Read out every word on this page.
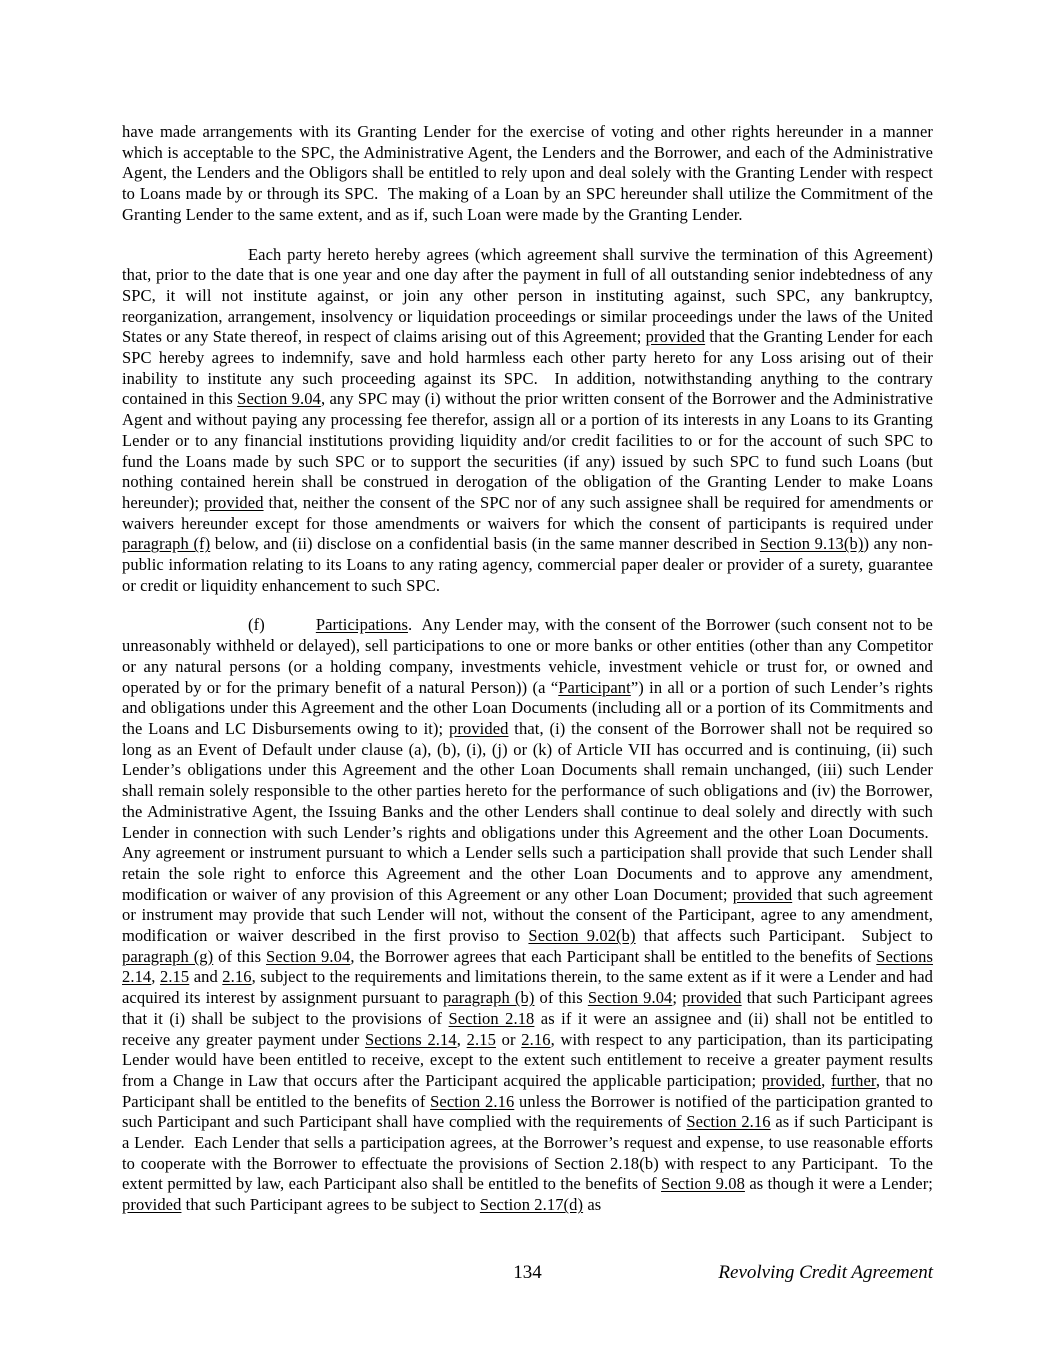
have made arrangements with its Granting Lender for the exercise of voting and other rights hereunder in a manner which is acceptable to the SPC, the Administrative Agent, the Lenders and the Borrower, and each of the Administrative Agent, the Lenders and the Obligors shall be entitled to rely upon and deal solely with the Granting Lender with respect to Loans made by or through its SPC.  The making of a Loan by an SPC hereunder shall utilize the Commitment of the Granting Lender to the same extent, and as if, such Loan were made by the Granting Lender.

Each party hereto hereby agrees (which agreement shall survive the termination of this Agreement) that, prior to the date that is one year and one day after the payment in full of all outstanding senior indebtedness of any SPC, it will not institute against, or join any other person in instituting against, such SPC, any bankruptcy, reorganization, arrangement, insolvency or liquidation proceedings or similar proceedings under the laws of the United States or any State thereof, in respect of claims arising out of this Agreement; provided that the Granting Lender for each SPC hereby agrees to indemnify, save and hold harmless each other party hereto for any Loss arising out of their inability to institute any such proceeding against its SPC.  In addition, notwithstanding anything to the contrary contained in this Section 9.04, any SPC may (i) without the prior written consent of the Borrower and the Administrative Agent and without paying any processing fee therefor, assign all or a portion of its interests in any Loans to its Granting Lender or to any financial institutions providing liquidity and/or credit facilities to or for the account of such SPC to fund the Loans made by such SPC or to support the securities (if any) issued by such SPC to fund such Loans (but nothing contained herein shall be construed in derogation of the obligation of the Granting Lender to make Loans hereunder); provided that, neither the consent of the SPC nor of any such assignee shall be required for amendments or waivers hereunder except for those amendments or waivers for which the consent of participants is required under paragraph (f) below, and (ii) disclose on a confidential basis (in the same manner described in Section 9.13(b)) any non-public information relating to its Loans to any rating agency, commercial paper dealer or provider of a surety, guarantee or credit or liquidity enhancement to such SPC.

(f)          Participations.  Any Lender may, with the consent of the Borrower (such consent not to be unreasonably withheld or delayed), sell participations to one or more banks or other entities (other than any Competitor or any natural persons (or a holding company, investments vehicle, investment vehicle or trust for, or owned and operated by or for the primary benefit of a natural Person)) (a “Participant”) in all or a portion of such Lender’s rights and obligations under this Agreement and the other Loan Documents (including all or a portion of its Commitments and the Loans and LC Disbursements owing to it); provided that, (i) the consent of the Borrower shall not be required so long as an Event of Default under clause (a), (b), (i), (j) or (k) of Article VII has occurred and is continuing, (ii) such Lender’s obligations under this Agreement and the other Loan Documents shall remain unchanged, (iii) such Lender shall remain solely responsible to the other parties hereto for the performance of such obligations and (iv) the Borrower, the Administrative Agent, the Issuing Banks and the other Lenders shall continue to deal solely and directly with such Lender in connection with such Lender’s rights and obligations under this Agreement and the other Loan Documents.  Any agreement or instrument pursuant to which a Lender sells such a participation shall provide that such Lender shall retain the sole right to enforce this Agreement and the other Loan Documents and to approve any amendment, modification or waiver of any provision of this Agreement or any other Loan Document; provided that such agreement or instrument may provide that such Lender will not, without the consent of the Participant, agree to any amendment, modification or waiver described in the first proviso to Section 9.02(b) that affects such Participant.  Subject to paragraph (g) of this Section 9.04, the Borrower agrees that each Participant shall be entitled to the benefits of Sections 2.14, 2.15 and 2.16, subject to the requirements and limitations therein, to the same extent as if it were a Lender and had acquired its interest by assignment pursuant to paragraph (b) of this Section 9.04; provided that such Participant agrees that it (i) shall be subject to the provisions of Section 2.18 as if it were an assignee and (ii) shall not be entitled to receive any greater payment under Sections 2.14, 2.15 or 2.16, with respect to any participation, than its participating Lender would have been entitled to receive, except to the extent such entitlement to receive a greater payment results from a Change in Law that occurs after the Participant acquired the applicable participation; provided, further, that no Participant shall be entitled to the benefits of Section 2.16 unless the Borrower is notified of the participation granted to such Participant and such Participant shall have complied with the requirements of Section 2.16 as if such Participant is a Lender.  Each Lender that sells a participation agrees, at the Borrower’s request and expense, to use reasonable efforts to cooperate with the Borrower to effectuate the provisions of Section 2.18(b) with respect to any Participant.  To the extent permitted by law, each Participant also shall be entitled to the benefits of Section 9.08 as though it were a Lender; provided that such Participant agrees to be subject to Section 2.17(d) as

134	Revolving Credit Agreement
